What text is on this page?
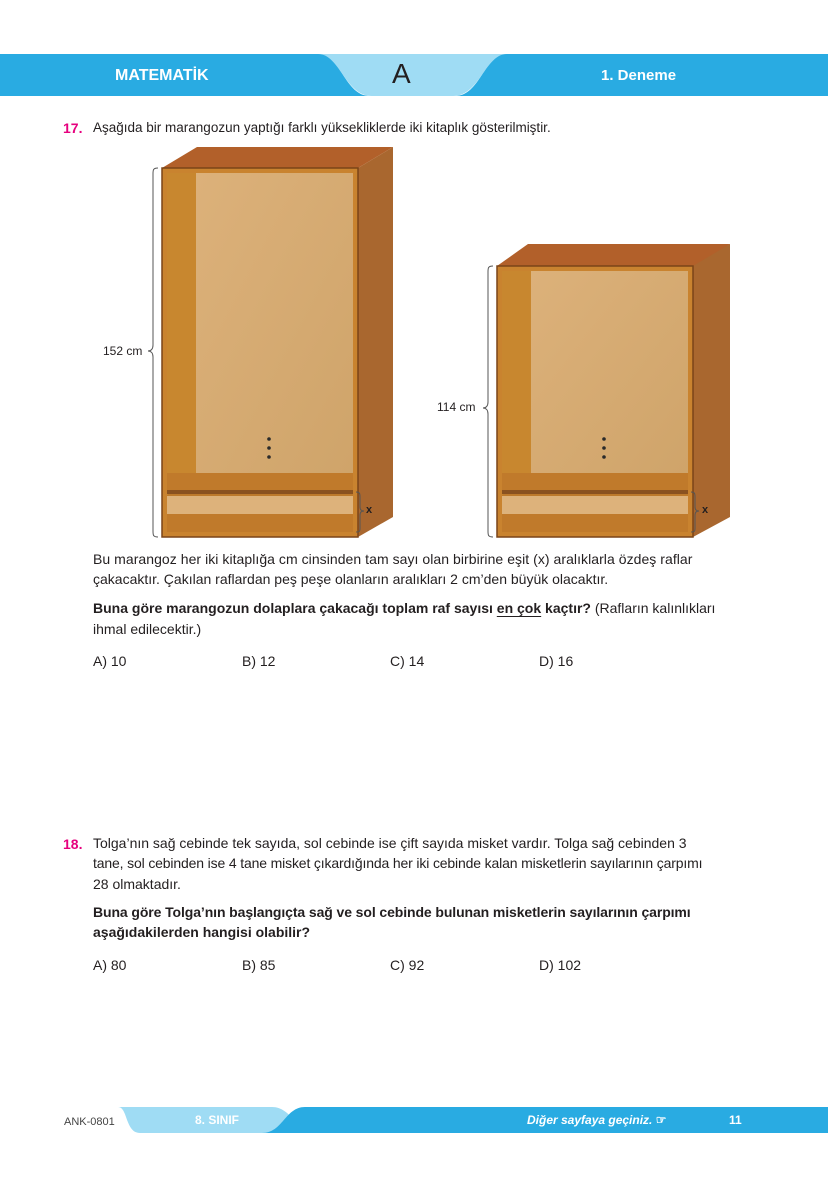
MATEMATİK	A	1. Deneme
17. Aşağıda bir marangozun yaptığı farklı yüksekliklerde iki kitaplık gösterilmiştir.
152 cm
114 cm
x	x
Bu marangoz her iki kitaplığa cm cinsinden tam sayı olan birbirine eşit (x) aralıklarla özdeş raflar
çakacaktır. Çakılan raflardan peş peşe olanların aralıkları 2 cm’den büyük olacaktır.
Buna göre marangozun dolaplara çakacağı toplam raf sayısı en çok kaçtır? (Rafların kalınlıkları
ihmal edilecektir.)
A) 10	B) 12	C) 14	D) 16
18. Tolga’nın sağ cebinde tek sayıda, sol cebinde ise çift sayıda misket vardır. Tolga sağ cebinden 3
tane, sol cebinden ise 4 tane misket çıkardığında her iki cebinde kalan misketlerin sayılarının çarpımı
28 olmaktadır.
Buna göre Tolga’nın başlangıçta sağ ve sol cebinde bulunan misketlerin sayılarının çarpımı
aşağıdakilerden hangisi olabilir?
A) 80	B) 85	C) 92	D) 102
ANK-0801	8. SINIF	Diğer sayfaya geçiniz. ☞	11
